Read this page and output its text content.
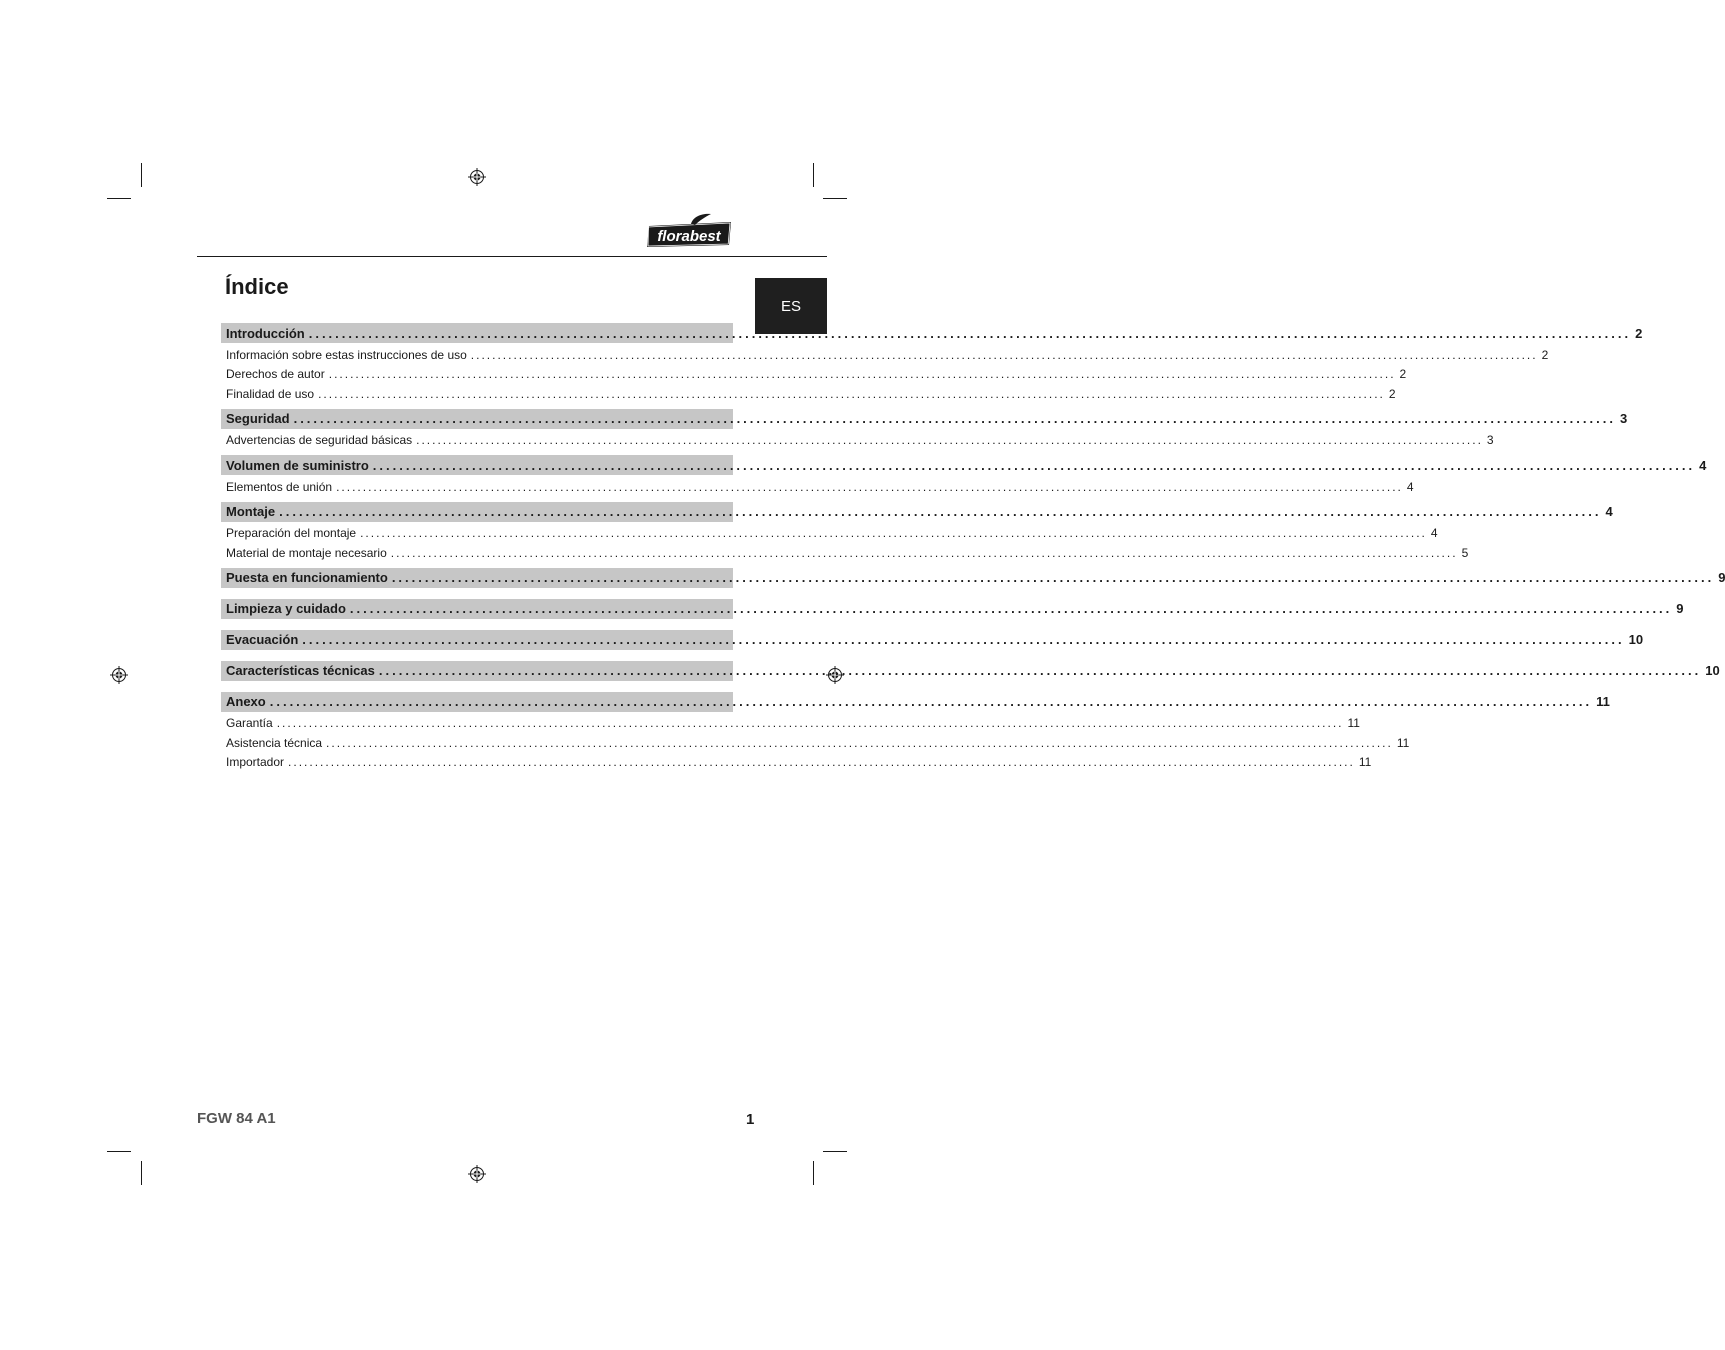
florabest
ES
Índice
Introducción ........................................................................................................................................................................................................ 2
Información sobre estas instrucciones de uso ........................................................................................................................................................................................................ 2
Derechos de autor ........................................................................................................................................................................................................ 2
Finalidad de uso ........................................................................................................................................................................................................ 2
Seguridad ........................................................................................................................................................................................................ 3
Advertencias de seguridad básicas ........................................................................................................................................................................................................ 3
Volumen de suministro ........................................................................................................................................................................................................ 4
Elementos de unión ........................................................................................................................................................................................................ 4
Montaje ........................................................................................................................................................................................................ 4
Preparación del montaje ........................................................................................................................................................................................................ 4
Material de montaje necesario ........................................................................................................................................................................................................ 5
Puesta en funcionamiento ........................................................................................................................................................................................................ 9
Limpieza y cuidado ........................................................................................................................................................................................................ 9
Evacuación ........................................................................................................................................................................................................ 10
Características técnicas ........................................................................................................................................................................................................ 10
Anexo ........................................................................................................................................................................................................ 11
Garantía ........................................................................................................................................................................................................ 11
Asistencia técnica ........................................................................................................................................................................................................ 11
Importador ........................................................................................................................................................................................................ 11
FGW 84 A1	1
